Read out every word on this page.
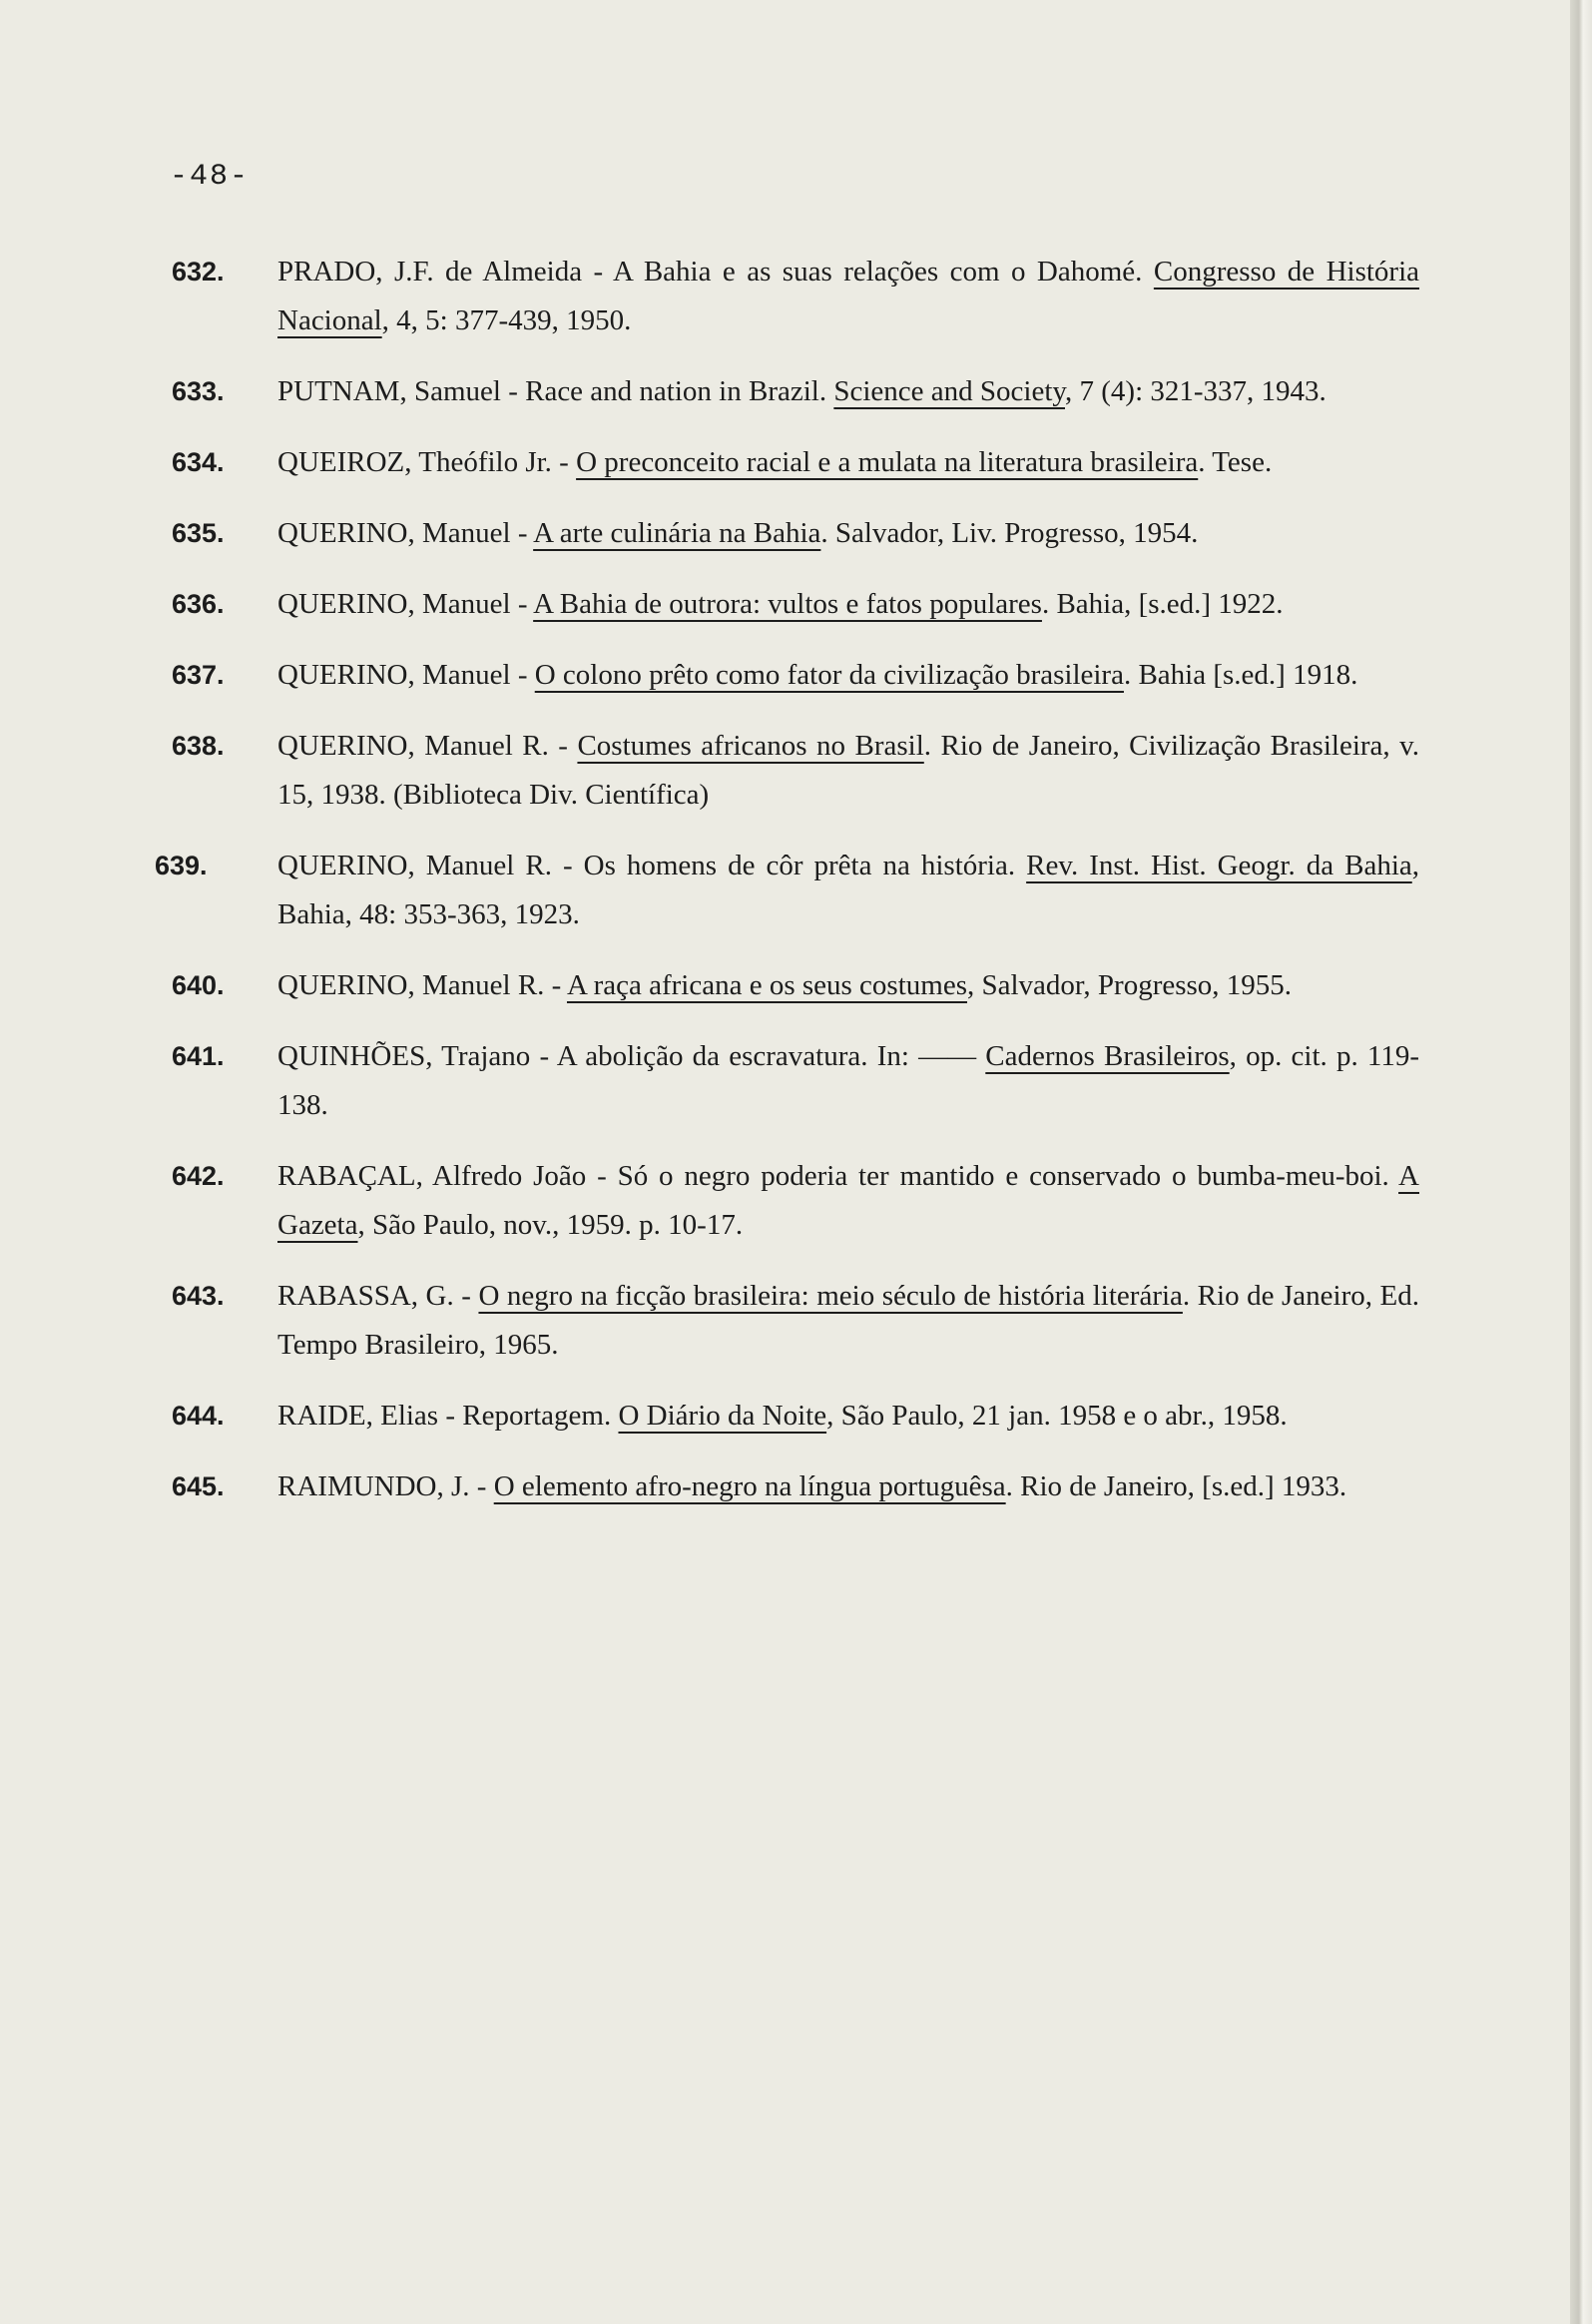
-48-
632.	PRADO, J.F. de Almeida - A Bahia e as suas relações com o Dahomé. Congresso de História Nacional, 4, 5: 377-439, 1950.
633.	PUTNAM, Samuel - Race and nation in Brazil. Science and Society, 7 (4): 321-337, 1943.
634.	QUEIROZ, Theófilo Jr. - O preconceito racial e a mulata na literatura brasileira. Tese.
635.	QUERINO, Manuel - A arte culinária na Bahia. Salvador, Liv. Progresso, 1954.
636.	QUERINO, Manuel - A Bahia de outrora: vultos e fatos populares. Bahia, [s.ed.] 1922.
637.	QUERINO, Manuel - O colono prêto como fator da civilização brasileira. Bahia [s.ed.] 1918.
638.	QUERINO, Manuel R. - Costumes africanos no Brasil. Rio de Janeiro, Civilização Brasileira, v. 15, 1938. (Biblioteca Div. Científica)
639.	QUERINO, Manuel R. - Os homens de côr prêta na história. Rev. Inst. Hist. Geogr. da Bahia, Bahia, 48: 353-363, 1923.
640.	QUERINO, Manuel R. - A raça africana e os seus costumes, Salvador, Progresso, 1955.
641.	QUINHÕES, Trajano - A abolição da escravatura. In: —— Cadernos Brasileiros, op. cit. p. 119-138.
642.	RABAÇAL, Alfredo João - Só o negro poderia ter mantido e conservado o bumba-meu-boi. A Gazeta, São Paulo, nov., 1959. p. 10-17.
643.	RABASSA, G. - O negro na ficção brasileira: meio século de história literária. Rio de Janeiro, Ed. Tempo Brasileiro, 1965.
644.	RAIDE, Elias - Reportagem. O Diário da Noite, São Paulo, 21 jan. 1958 e o abr., 1958.
645.	RAIMUNDO, J. - O elemento afro-negro na língua portuguêsa. Rio de Janeiro, [s.ed.] 1933.
